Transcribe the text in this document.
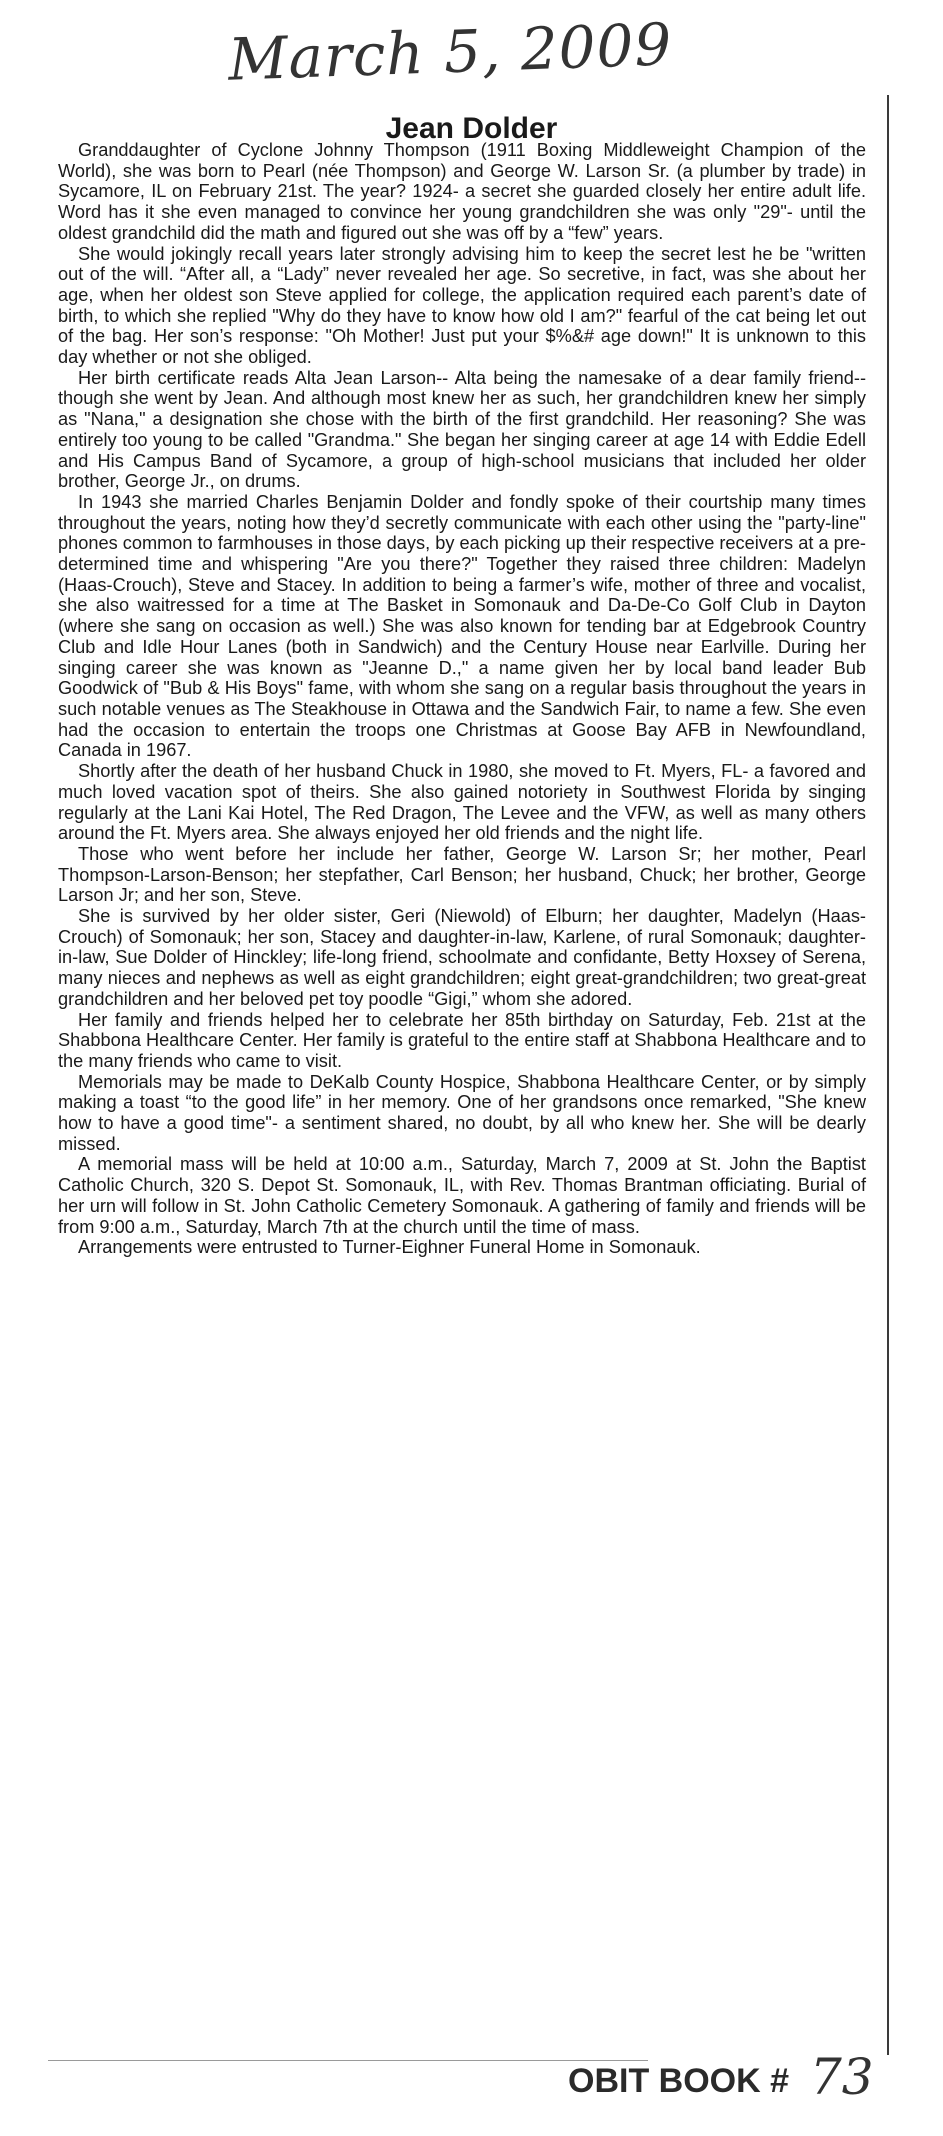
March 5, 2009
Jean Dolder

Granddaughter of Cyclone Johnny Thompson (1911 Boxing Middleweight Champion of the World), she was born to Pearl (née Thompson) and George W. Larson Sr. (a plumber by trade) in Sycamore, IL on February 21st. The year? 1924- a secret she guarded closely her entire adult life. Word has it she even managed to convince her young grandchildren she was only "29"- until the oldest grandchild did the math and figured out she was off by a “few” years.

She would jokingly recall years later strongly advising him to keep the secret lest he be "written out of the will. “After all, a “Lady” never revealed her age. So secretive, in fact, was she about her age, when her oldest son Steve applied for college, the application required each parent’s date of birth, to which she replied "Why do they have to know how old I am?" fearful of the cat being let out of the bag. Her son’s response: "Oh Mother! Just put your $%&# age down!" It is unknown to this day whether or not she obliged.

Her birth certificate reads Alta Jean Larson-- Alta being the namesake of a dear family friend-- though she went by Jean. And although most knew her as such, her grandchildren knew her simply as "Nana," a designation she chose with the birth of the first grandchild. Her reasoning? She was entirely too young to be called "Grandma." She began her singing career at age 14 with Eddie Edell and His Campus Band of Sycamore, a group of high-school musicians that included her older brother, George Jr., on drums.

In 1943 she married Charles Benjamin Dolder and fondly spoke of their courtship many times throughout the years, noting how they’d secretly communicate with each other using the "party-line" phones common to farmhouses in those days, by each picking up their respective receivers at a pre-determined time and whispering "Are you there?" Together they raised three children: Madelyn (Haas-Crouch), Steve and Stacey. In addition to being a farmer’s wife, mother of three and vocalist, she also waitressed for a time at The Basket in Somonauk and Da-De-Co Golf Club in Dayton (where she sang on occasion as well.) She was also known for tending bar at Edgebrook Country Club and Idle Hour Lanes (both in Sandwich) and the Century House near Earlville. During her singing career she was known as "Jeanne D.," a name given her by local band leader Bub Goodwick of "Bub & His Boys" fame, with whom she sang on a regular basis throughout the years in such notable venues as The Steakhouse in Ottawa and the Sandwich Fair, to name a few. She even had the occasion to entertain the troops one Christmas at Goose Bay AFB in Newfoundland, Canada in 1967.

Shortly after the death of her husband Chuck in 1980, she moved to Ft. Myers, FL- a favored and much loved vacation spot of theirs. She also gained notoriety in Southwest Florida by singing regularly at the Lani Kai Hotel, The Red Dragon, The Levee and the VFW, as well as many others around the Ft. Myers area. She always enjoyed her old friends and the night life.

Those who went before her include her father, George W. Larson Sr; her mother, Pearl Thompson-Larson-Benson; her stepfather, Carl Benson; her husband, Chuck; her brother, George Larson Jr; and her son, Steve.

She is survived by her older sister, Geri (Niewold) of Elburn; her daughter, Madelyn (Haas-Crouch) of Somonauk; her son, Stacey and daughter-in-law, Karlene, of rural Somonauk; daughter-in-law, Sue Dolder of Hinckley; life-long friend, schoolmate and confidante, Betty Hoxsey of Serena, many nieces and nephews as well as eight grandchildren; eight great-grandchildren; two great-great grandchildren and her beloved pet toy poodle “Gigi,” whom she adored.

Her family and friends helped her to celebrate her 85th birthday on Saturday, Feb. 21st at the Shabbona Healthcare Center. Her family is grateful to the entire staff at Shabbona Healthcare and to the many friends who came to visit.

Memorials may be made to DeKalb County Hospice, Shabbona Healthcare Center, or by simply making a toast “to the good life” in her memory. One of her grandsons once remarked, "She knew how to have a good time"- a sentiment shared, no doubt, by all who knew her. She will be dearly missed.

A memorial mass will be held at 10:00 a.m., Saturday, March 7, 2009 at St. John the Baptist Catholic Church, 320 S. Depot St. Somonauk, IL, with Rev. Thomas Brantman officiating. Burial of her urn will follow in St. John Catholic Cemetery Somonauk. A gathering of family and friends will be from 9:00 a.m., Saturday, March 7th at the church until the time of mass.

Arrangements were entrusted to Turner-Eighner Funeral Home in Somonauk.

OBIT BOOK # 73
